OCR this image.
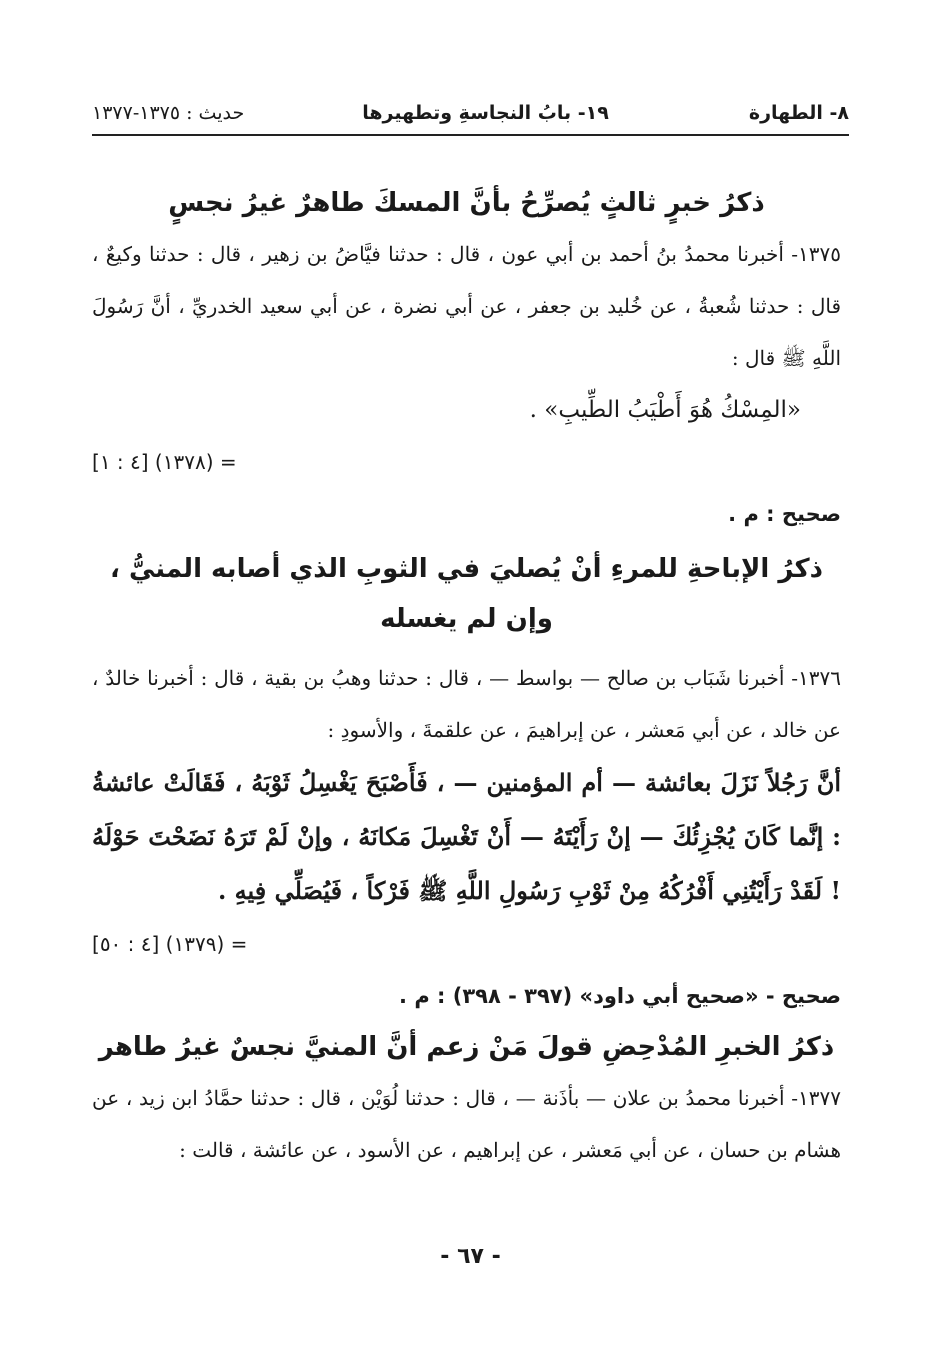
٨- الطهارة
١٩- بابُ النجاسةِ وتطهيرها
حديث : ١٣٧٥-١٣٧٧
ذكرُ خبرٍ ثالثٍ يُصرِّحُ بأنَّ المسكَ طاهرٌ غيرُ نجسٍ
١٣٧٥- أخبرنا محمدُ بنُ أحمد بن أبي عون ، قال : حدثنا فيَّاضُ بن زهير ، قال : حدثنا وكيعٌ ، قال : حدثنا شُعبةُ ، عن خُليد بن جعفر ، عن أبي نضرة ، عن أبي سعيد الخدريِّ ، أنَّ رَسُولَ اللَّهِ ﷺ قال :
«المِسْكُ هُوَ أَطْيَبُ الطِّيبِ» .
= (١٣٧٨) [٤ : ١]
صحيح : م .
ذكرُ الإباحةِ للمرءِ أنْ يُصليَ في الثوبِ الذي أصابه المنيُّ ،
وإن لم يغسله
١٣٧٦- أخبرنا شَبَاب بن صالح — بواسط — ، قال : حدثنا وهبُ بن بقية ، قال : أخبرنا خالدٌ ، عن خالد ، عن أبي مَعشر ، عن إبراهيمَ ، عن علقمةَ ، والأسودِ :
أنَّ رَجُلاً نَزَلَ بعائشة — أم المؤمنين — ، فَأَصْبَحَ يَغْسِلُ ثَوْبَهُ ، فَقَالَتْ عائشةُ : إنَّما كَانَ يُجْزِئُكَ — إنْ رَأَيْتَهُ — أَنْ تَغْسِلَ مَكانَهُ ، وإنْ لَمْ تَرَهُ نَضَحْتَ حَوْلَهُ ! لَقَدْ رَأَيْتُنِي أَفْرُكُهُ مِنْ ثَوْبِ رَسُولِ اللَّهِ ﷺ فَرْكاً ، فَيُصَلِّي فِيهِ .
= (١٣٧٩) [٤ : ٥٠]
صحيح - «صحيح أبي داود» (٣٩٧ - ٣٩٨) : م .
ذكرُ الخبرِ المُدْحِضِ قولَ مَنْ زعم أنَّ المنيَّ نجسٌ غيرُ طاهر
١٣٧٧- أخبرنا محمدُ بن علان — بأذَنة — ، قال : حدثنا لُوَيْن ، قال : حدثنا حمَّادُ ابن زيد ، عن هشام بن حسان ، عن أبي مَعشر ، عن إبراهيم ، عن الأسود ، عن عائشة ، قالت :
- ٦٧ -
